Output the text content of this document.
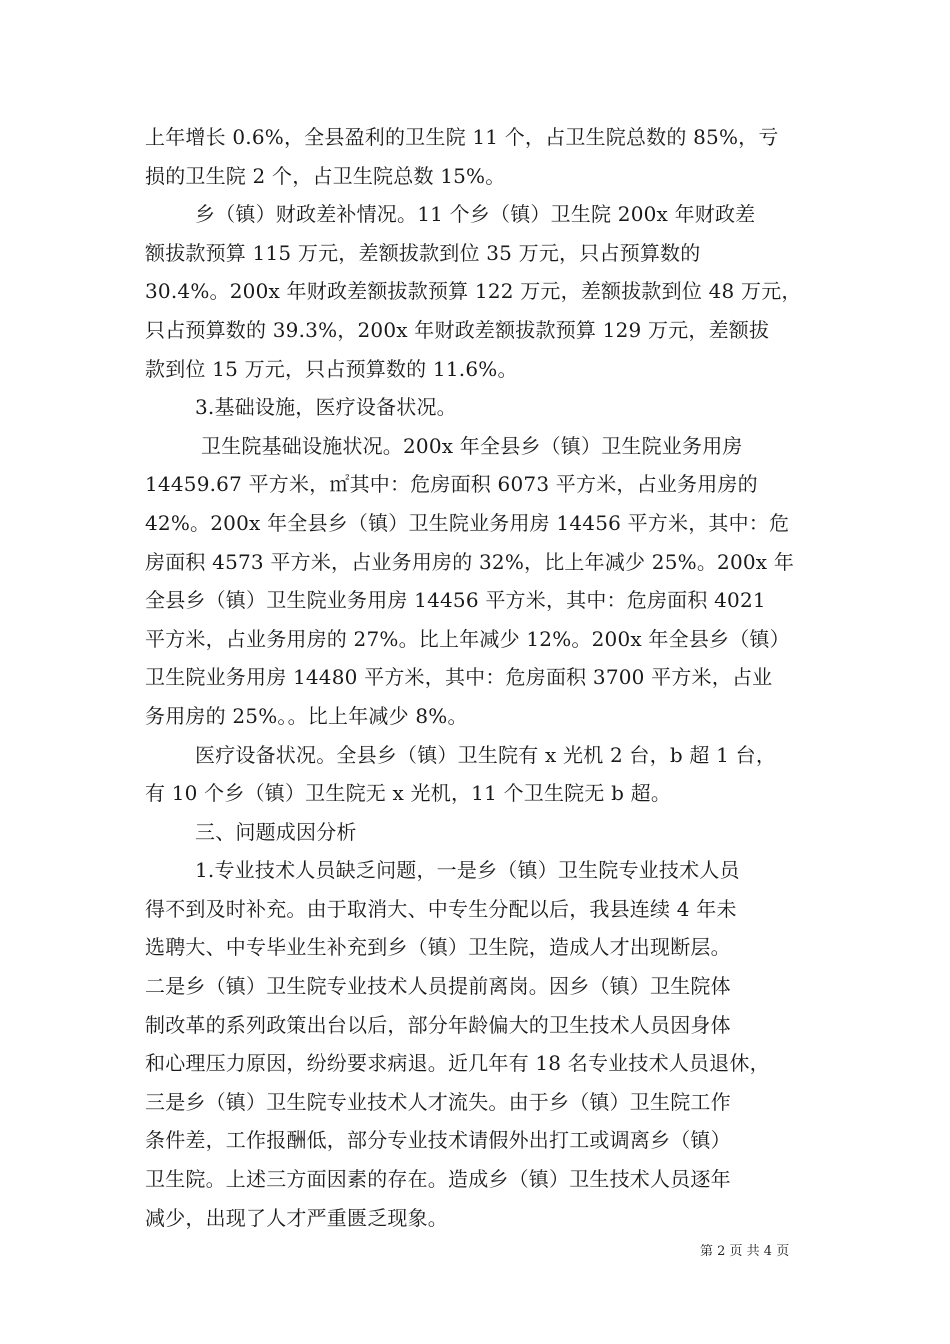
上年增长 0.6%，全县盈利的卫生院 11 个，占卫生院总数的 85%，亏
损的卫生院 2 个，占卫生院总数 15%。
乡（镇）财政差补情况。11 个乡（镇）卫生院 200x 年财政差
额拔款预算 115 万元，差额拔款到位 35 万元，只占预算数的
30.4%。200x 年财政差额拔款预算 122 万元，差额拔款到位 48 万元，
只占预算数的 39.3%，200x 年财政差额拔款预算 129 万元，差额拔
款到位 15 万元，只占预算数的 11.6%。
3.基础设施，医疗设备状况。
卫生院基础设施状况。200x 年全县乡（镇）卫生院业务用房
14459.67 平方米，㎡其中：危房面积 6073 平方米，占业务用房的
42%。200x 年全县乡（镇）卫生院业务用房 14456 平方米，其中：危
房面积 4573 平方米，占业务用房的 32%，比上年减少 25%。200x 年
全县乡（镇）卫生院业务用房 14456 平方米，其中：危房面积 4021
平方米，占业务用房的 27%。比上年减少 12%。200x 年全县乡（镇）
卫生院业务用房 14480 平方米，其中：危房面积 3700 平方米，占业
务用房的 25%。。比上年减少 8%。
医疗设备状况。全县乡（镇）卫生院有 x 光机 2 台，b 超 1 台，
有 10 个乡（镇）卫生院无 x 光机，11 个卫生院无 b 超。
三、问题成因分析
1.专业技术人员缺乏问题，一是乡（镇）卫生院专业技术人员
得不到及时补充。由于取消大、中专生分配以后，我县连续 4 年未
选聘大、中专毕业生补充到乡（镇）卫生院，造成人才出现断层。
二是乡（镇）卫生院专业技术人员提前离岗。因乡（镇）卫生院体
制改革的系列政策出台以后，部分年龄偏大的卫生技术人员因身体
和心理压力原因，纷纷要求病退。近几年有 18 名专业技术人员退休，
三是乡（镇）卫生院专业技术人才流失。由于乡（镇）卫生院工作
条件差，工作报酬低，部分专业技术请假外出打工或调离乡（镇）
卫生院。上述三方面因素的存在。造成乡（镇）卫生技术人员逐年
减少，出现了人才严重匮乏现象。
第 2 页 共 4 页
